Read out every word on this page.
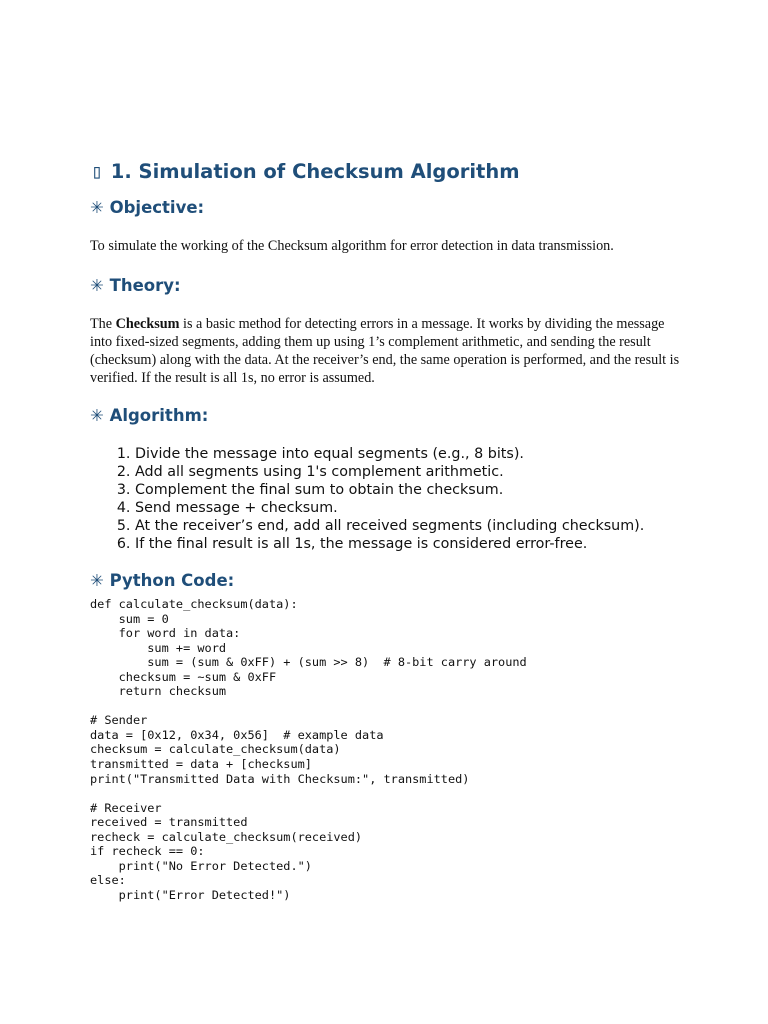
▯ 1. Simulation of Checksum Algorithm
✳ Objective:

To simulate the working of the Checksum algorithm for error detection in data transmission.

✳ Theory:

The Checksum is a basic method for detecting errors in a message. It works by dividing the message into fixed-sized segments, adding them up using 1’s complement arithmetic, and sending the result (checksum) along with the data. At the receiver’s end, the same operation is performed, and the result is verified. If the result is all 1s, no error is assumed.

✳ Algorithm:
1. Divide the message into equal segments (e.g., 8 bits).
2. Add all segments using 1's complement arithmetic.
3. Complement the final sum to obtain the checksum.
4. Send message + checksum.
5. At the receiver’s end, add all received segments (including checksum).
6. If the final result is all 1s, the message is considered error-free.
✳ Python Code:
def calculate_checksum(data):
sum = 0
for word in data:
sum += word
sum = (sum & 0xFF) + (sum >> 8)  # 8-bit carry around
checksum = ~sum & 0xFF
return checksum

# Sender
data = [0x12, 0x34, 0x56]  # example data
checksum = calculate_checksum(data)
transmitted = data + [checksum]
print("Transmitted Data with Checksum:", transmitted)

# Receiver
received = transmitted
recheck = calculate_checksum(received)
if recheck == 0:
print("No Error Detected.")
else:
print("Error Detected!")
